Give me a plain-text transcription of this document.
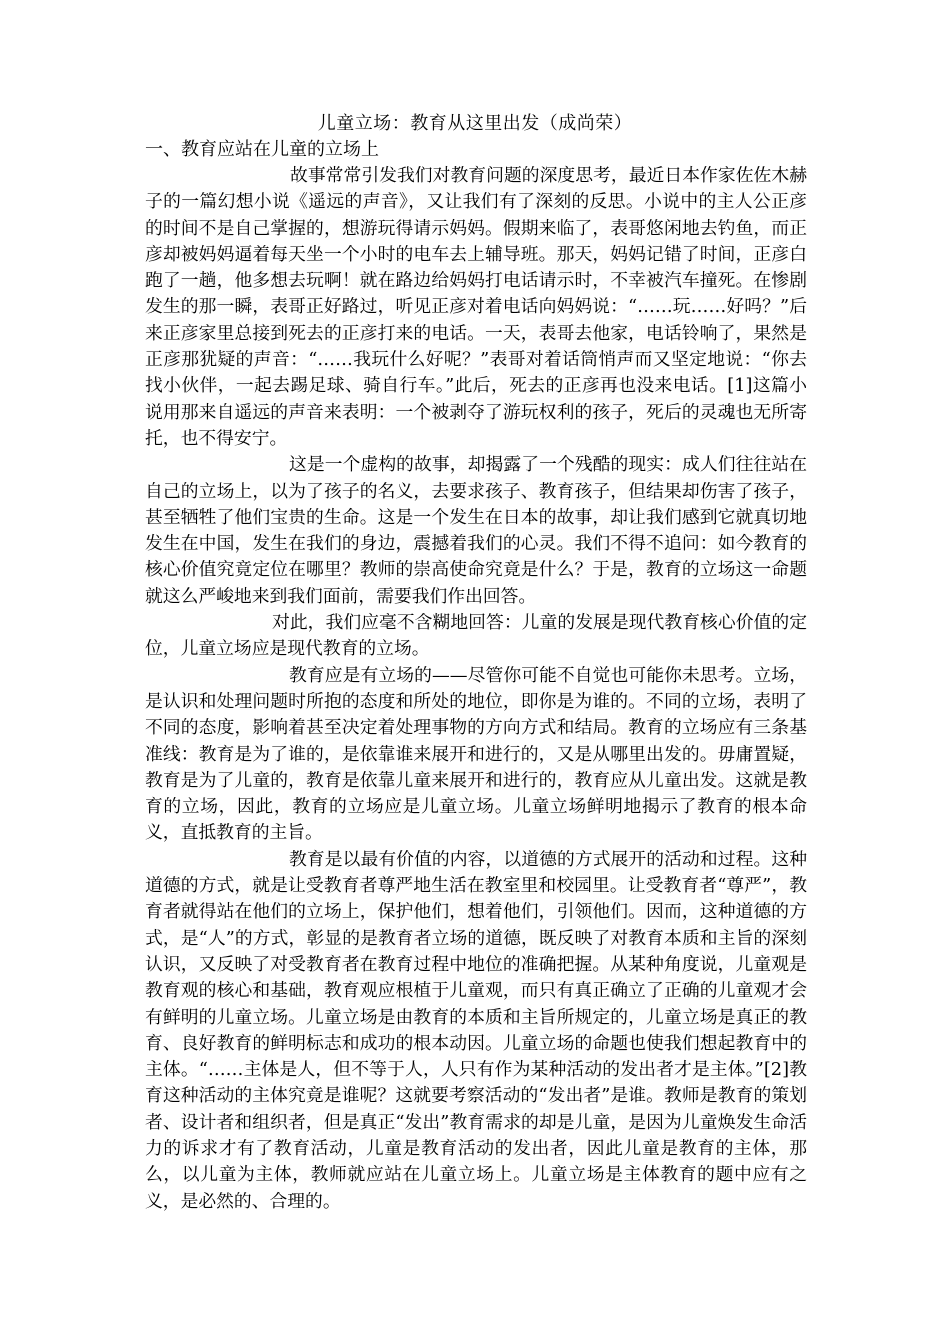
儿童立场：教育从这里出发（成尚荣）
一、教育应站在儿童的立场上

故事常常引发我们对教育问题的深度思考，最近日本作家佐佐木赫子的一篇幻想小说《遥远的声音》，又让我们有了深刻的反思。小说中的主人公正彦的时间不是自己掌握的，想游玩得请示妈妈。假期来临了，表哥悠闲地去钓鱼，而正彦却被妈妈逼着每天坐一个小时的电车去上辅导班。那天，妈妈记错了时间，正彦白跑了一趟，他多想去玩啊！就在路边给妈妈打电话请示时，不幸被汽车撞死。在惨剧发生的那一瞬，表哥正好路过，听见正彦对着电话向妈妈说：“……玩……好吗？”后来正彦家里总接到死去的正彦打来的电话。一天，表哥去他家，电话铃响了，果然是正彦那犹疑的声音：“……我玩什么好呢？”表哥对着话筒悄声而又坚定地说：“你去找小伙伴，一起去踢足球、骑自行车。”此后，死去的正彦再也没来电话。[1]这篇小说用那来自遥远的声音来表明：一个被剥夺了游玩权利的孩子，死后的灵魂也无所寄托，也不得安宁。

这是一个虚构的故事，却揭露了一个残酷的现实：成人们往往站在自己的立场上，以为了孩子的名义，去要求孩子、教育孩子，但结果却伤害了孩子，甚至牺牲了他们宝贵的生命。这是一个发生在日本的故事，却让我们感到它就真切地发生在中国，发生在我们的身边，震撼着我们的心灵。我们不得不追问：如今教育的核心价值究竟定位在哪里？教师的崇高使命究竟是什么？于是，教育的立场这一命题就这么严峻地来到我们面前，需要我们作出回答。

对此，我们应毫不含糊地回答：儿童的发展是现代教育核心价值的定位，儿童立场应是现代教育的立场。

教育应是有立场的——尽管你可能不自觉也可能你未思考。立场，是认识和处理问题时所抱的态度和所处的地位，即你是为谁的。不同的立场，表明了不同的态度，影响着甚至决定着处理事物的方向方式和结局。教育的立场应有三条基准线：教育是为了谁的，是依靠谁来展开和进行的，又是从哪里出发的。毋庸置疑，教育是为了儿童的，教育是依靠儿童来展开和进行的，教育应从儿童出发。这就是教育的立场，因此，教育的立场应是儿童立场。儿童立场鲜明地揭示了教育的根本命义，直抵教育的主旨。

教育是以最有价值的内容，以道德的方式展开的活动和过程。这种道德的方式，就是让受教育者尊严地生活在教室里和校园里。让受教育者“尊严”，教育者就得站在他们的立场上，保护他们，想着他们，引领他们。因而，这种道德的方式，是“人”的方式，彰显的是教育者立场的道德，既反映了对教育本质和主旨的深刻认识，又反映了对受教育者在教育过程中地位的准确把握。从某种角度说，儿童观是教育观的核心和基础，教育观应根植于儿童观，而只有真正确立了正确的儿童观才会有鲜明的儿童立场。儿童立场是由教育的本质和主旨所规定的，儿童立场是真正的教育、良好教育的鲜明标志和成功的根本动因。儿童立场的命题也使我们想起教育中的主体。“……主体是人，但不等于人，人只有作为某种活动的发出者才是主体。”[2]教育这种活动的主体究竟是谁呢？这就要考察活动的“发出者”是谁。教师是教育的策划者、设计者和组织者，但是真正“发出”教育需求的却是儿童，是因为儿童焕发生命活力的诉求才有了教育活动，儿童是教育活动的发出者，因此儿童是教育的主体，那么，以儿童为主体，教师就应站在儿童立场上。儿童立场是主体教育的题中应有之义，是必然的、合理的。
